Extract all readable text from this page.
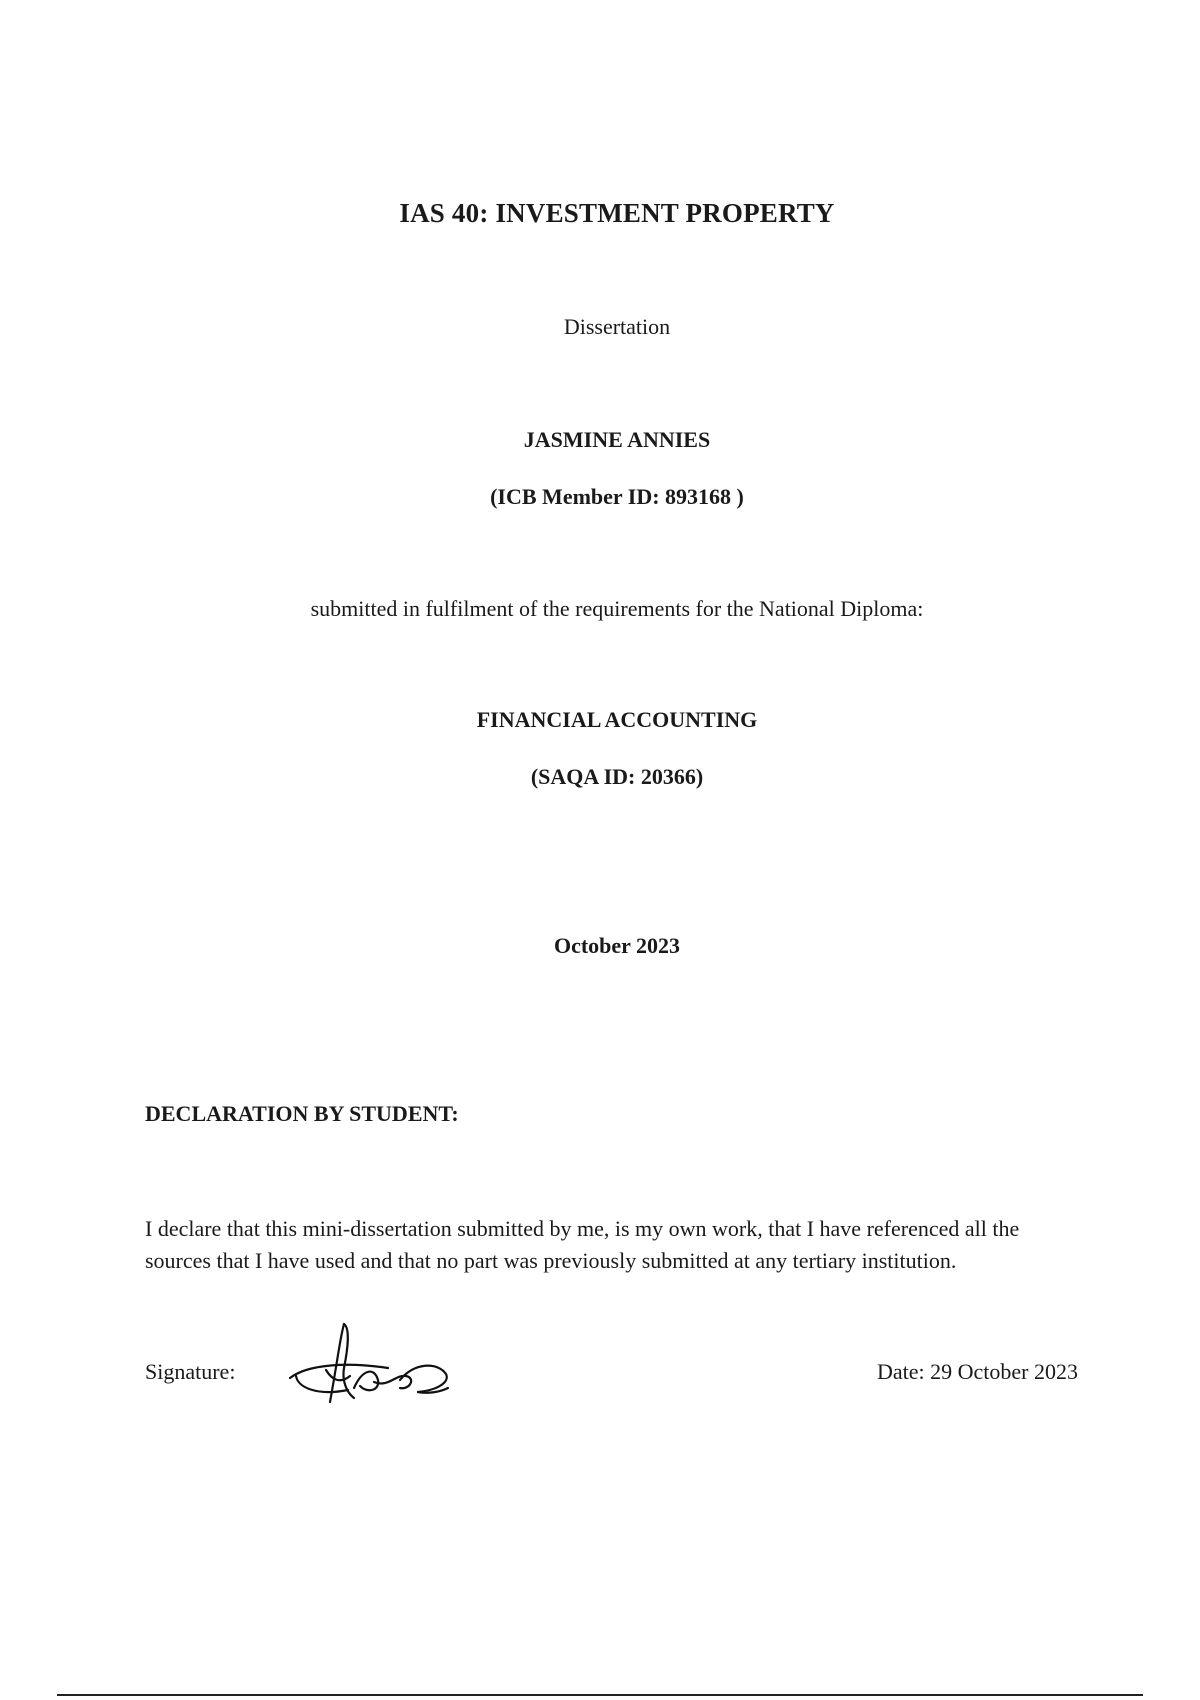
IAS 40: INVESTMENT PROPERTY
Dissertation
JASMINE ANNIES
(ICB Member ID: 893168 )
submitted in fulfilment of the requirements for the National Diploma:
FINANCIAL ACCOUNTING
(SAQA ID: 20366)
October 2023
DECLARATION BY STUDENT:
I declare that this mini-dissertation submitted by me, is my own work, that I have referenced all the sources that I have used and that no part was previously submitted at any tertiary institution.
Signature:	Date: 29 October 2023
